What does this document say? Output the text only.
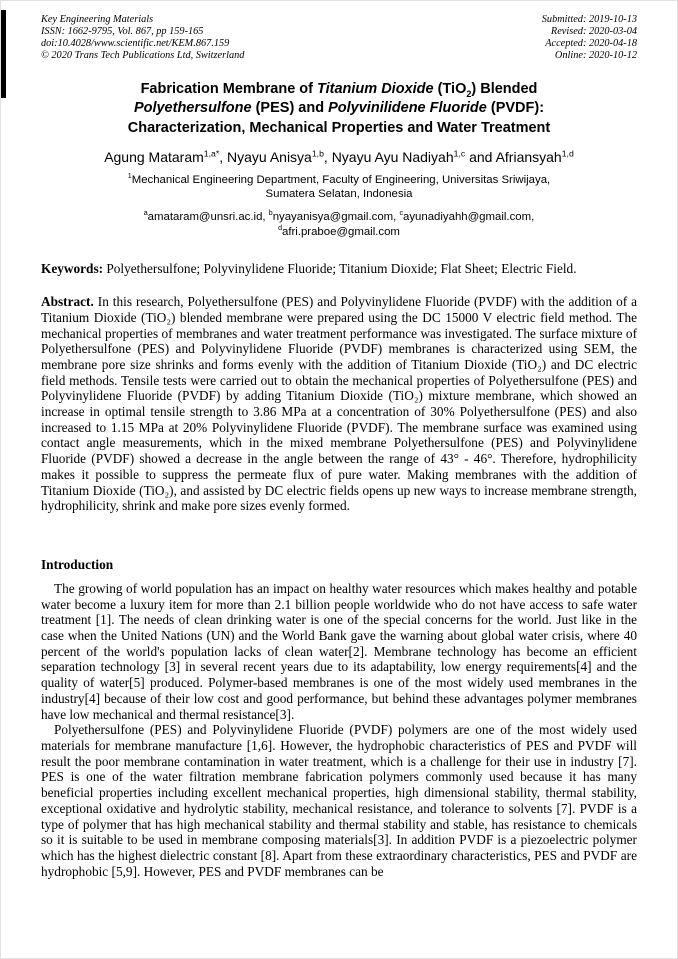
Key Engineering Materials
ISSN: 1662-9795, Vol. 867, pp 159-165
doi:10.4028/www.scientific.net/KEM.867.159
© 2020 Trans Tech Publications Ltd, Switzerland
Submitted: 2019-10-13
Revised: 2020-03-04
Accepted: 2020-04-18
Online: 2020-10-12
Fabrication Membrane of Titanium Dioxide (TiO$_2$) Blended
Polyethersulfone (PES) and Polyvinilidene Fluoride (PVDF):
Characterization, Mechanical Properties and Water Treatment
Agung Mataram$^{1,a*}$, Nyayu Anisya$^{1,b}$, Nyayu Ayu Nadiyah$^{1,c}$ and Afriansyah$^{1,d}$
$^1$Mechanical Engineering Department, Faculty of Engineering, Universitas Sriwijaya,
Sumatera Selatan, Indonesia
$^a$amataram@unsri.ac.id, $^b$nyayanisya@gmail.com, $^c$ayunadiyahh@gmail.com,
$^d$afri.praboe@gmail.com
Keywords: Polyethersulfone; Polyvinylidene Fluoride; Titanium Dioxide; Flat Sheet; Electric Field.

Abstract. In this research, Polyethersulfone (PES) and Polyvinylidene Fluoride (PVDF) with the addition of a Titanium Dioxide (TiO₂) blended membrane were prepared using the DC 15000 V electric field method. The mechanical properties of membranes and water treatment performance was investigated. The surface mixture of Polyethersulfone (PES) and Polyvinylidene Fluoride (PVDF) membranes is characterized using SEM, the membrane pore size shrinks and forms evenly with the addition of Titanium Dioxide (TiO₂) and DC electric field methods. Tensile tests were carried out to obtain the mechanical properties of Polyethersulfone (PES) and Polyvinylidene Fluoride (PVDF) by adding Titanium Dioxide (TiO₂) mixture membrane, which showed an increase in optimal tensile strength to 3.86 MPa at a concentration of 30% Polyethersulfone (PES) and also increased to 1.15 MPa at 20% Polyvinylidene Fluoride (PVDF). The membrane surface was examined using contact angle measurements, which in the mixed membrane Polyethersulfone (PES) and Polyvinylidene Fluoride (PVDF) showed a decrease in the angle between the range of 43° - 46°. Therefore, hydrophilicity makes it possible to suppress the permeate flux of pure water. Making membranes with the addition of Titanium Dioxide (TiO₂), and assisted by DC electric fields opens up new ways to increase membrane strength, hydrophilicity, shrink and make pore sizes evenly formed.

Introduction

The growing of world population has an impact on healthy water resources which makes healthy and potable water become a luxury item for more than 2.1 billion people worldwide who do not have access to safe water treatment [1]. The needs of clean drinking water is one of the special concerns for the world. Just like in the case when the United Nations (UN) and the World Bank gave the warning about global water crisis, where 40 percent of the world's population lacks of clean water[2]. Membrane technology has become an efficient separation technology [3] in several recent years due to its adaptability, low energy requirements[4] and the quality of water[5] produced. Polymer-based membranes is one of the most widely used membranes in the industry[4] because of their low cost and good performance, but behind these advantages polymer membranes have low mechanical and thermal resistance[3].

Polyethersulfone (PES) and Polyvinylidene Fluoride (PVDF) polymers are one of the most widely used materials for membrane manufacture [1,6]. However, the hydrophobic characteristics of PES and PVDF will result the poor membrane contamination in water treatment, which is a challenge for their use in industry [7]. PES is one of the water filtration membrane fabrication polymers commonly used because it has many beneficial properties including excellent mechanical properties, high dimensional stability, thermal stability, exceptional oxidative and hydrolytic stability, mechanical resistance, and tolerance to solvents [7]. PVDF is a type of polymer that has high mechanical stability and thermal stability and stable, has resistance to chemicals so it is suitable to be used in membrane composing materials[3]. In addition PVDF is a piezoelectric polymer which has the highest dielectric constant [8]. Apart from these extraordinary characteristics, PES and PVDF are hydrophobic [5,9]. However, PES and PVDF membranes can be
